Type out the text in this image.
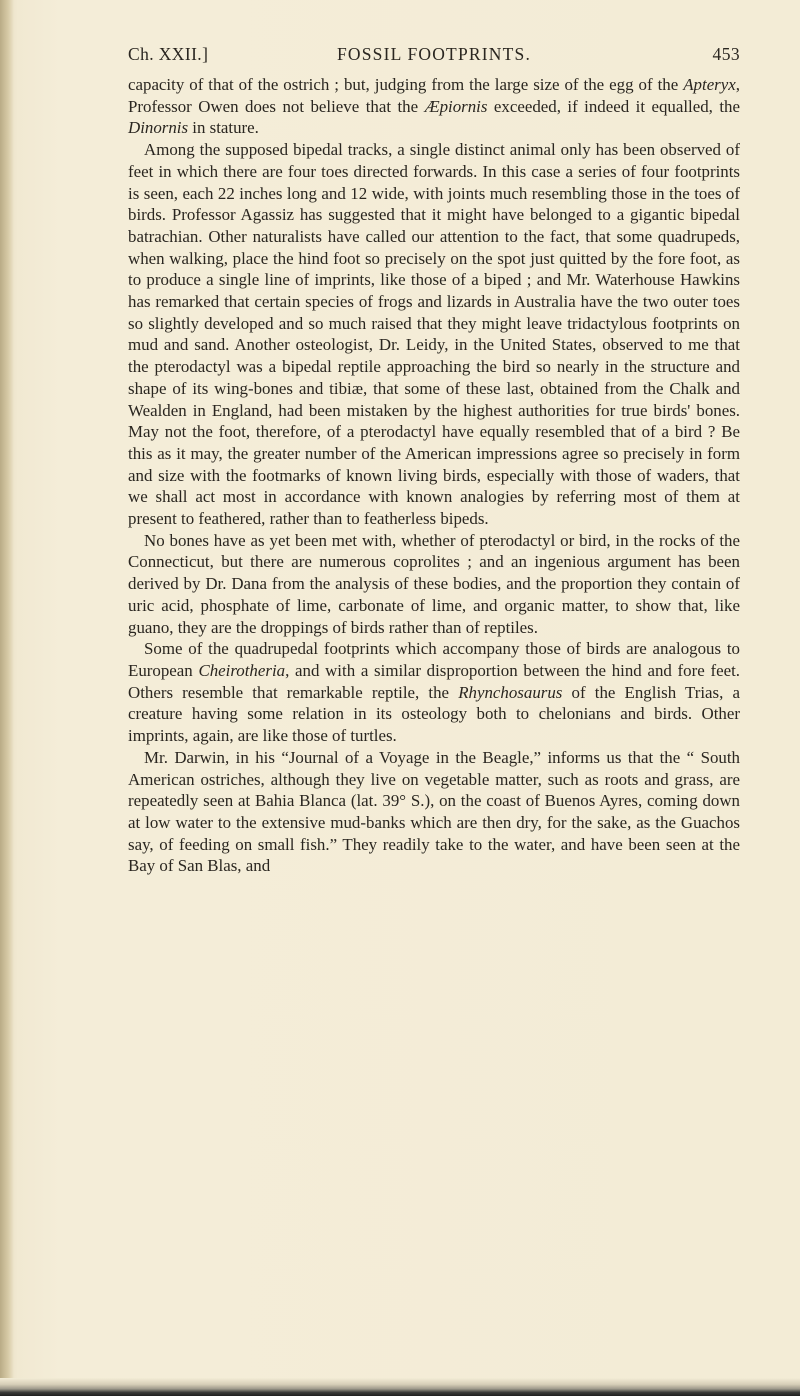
FOSSIL FOOTPRINTS.
Ch. XXII.]	453

capacity of that of the ostrich ; but, judging from the large size of the egg of the Apteryx, Professor Owen does not believe that the Æpiornis exceeded, if indeed it equalled, the Dinornis in stature.

Among the supposed bipedal tracks, a single distinct animal only has been observed of feet in which there are four toes directed forwards. In this case a series of four footprints is seen, each 22 inches long and 12 wide, with joints much resembling those in the toes of birds. Professor Agassiz has suggested that it might have belonged to a gigantic bipedal batrachian. Other naturalists have called our attention to the fact, that some quadrupeds, when walking, place the hind foot so precisely on the spot just quitted by the fore foot, as to produce a single line of imprints, like those of a biped ; and Mr. Waterhouse Hawkins has remarked that certain species of frogs and lizards in Australia have the two outer toes so slightly developed and so much raised that they might leave tridactylous footprints on mud and sand. Another osteologist, Dr. Leidy, in the United States, observed to me that the pterodactyl was a bipedal reptile approaching the bird so nearly in the structure and shape of its wing-bones and tibiæ, that some of these last, obtained from the Chalk and Wealden in England, had been mistaken by the highest authorities for true birds' bones. May not the foot, therefore, of a pterodactyl have equally resembled that of a bird ? Be this as it may, the greater number of the American impressions agree so precisely in form and size with the footmarks of known living birds, especially with those of waders, that we shall act most in accordance with known analogies by referring most of them at present to feathered, rather than to featherless bipeds.

No bones have as yet been met with, whether of pterodactyl or bird, in the rocks of the Connecticut, but there are numerous coprolites ; and an ingenious argument has been derived by Dr. Dana from the analysis of these bodies, and the proportion they contain of uric acid, phosphate of lime, carbonate of lime, and organic matter, to show that, like guano, they are the droppings of birds rather than of reptiles.

Some of the quadrupedal footprints which accompany those of birds are analogous to European Cheirotheria, and with a similar disproportion between the hind and fore feet. Others resemble that remarkable reptile, the Rhynchosaurus of the English Trias, a creature having some relation in its osteology both to chelonians and birds. Other imprints, again, are like those of turtles.

Mr. Darwin, in his “Journal of a Voyage in the Beagle,” informs us that the “ South American ostriches, although they live on vegetable matter, such as roots and grass, are repeatedly seen at Bahia Blanca (lat. 39° S.), on the coast of Buenos Ayres, coming down at low water to the extensive mud-banks which are then dry, for the sake, as the Guachos say, of feeding on small fish.” They readily take to the water, and have been seen at the Bay of San Blas, and
